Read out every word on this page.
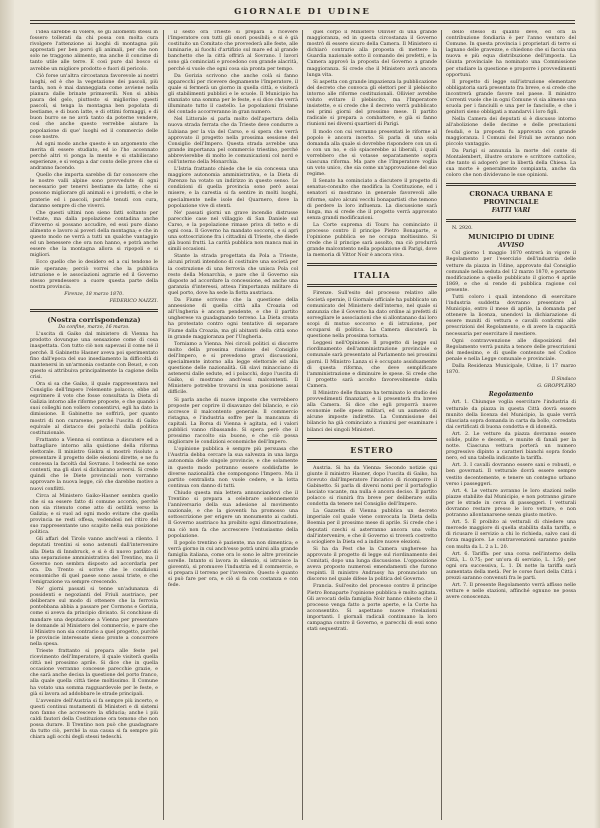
GIORNALE DI UDINE

l'idea sarebbe di volere, se gli allomenti stessi in fossero tollerati da chi possa con molta cura rivolgere l'attenzione ai luoghi di montagna più apprestati per ben porvi gli animali, per che non solo ne traggono alimento, ma anche il concime di tanto utile alle terre. E così pure dal bosco si avrebbe un migliore prodotto e fuori di pericolo.

Ciò forse un'altra circostanza favorevole ai nostri luoghi, ed è che la vegetazione dei pascoli, più tarda, non è mai danneggiata come avviene nella pianura dalle brinate primaverili. Non si abbia paura del gelo, piuttosto si migliorino questi pascoli, si tenga la montagna ben popolata di bestiame, e di buon latte, e di ottimi formaggi, e di buon burro se ne avrà tanto da poterne vendere, così che anche questo verrebbe aiutare la popolazione di que' luoghi ed il commercio delle cose nostre.

Ad ogni modo anche questo è un argomento che merita di essere studiato, ed io l'ho accennato perché altri vi ponga la mente e si stabiliscano esperienze, e si venga a dar conto delle prove che si andranno facendo.

Quello che importa sarebbe di far conoscere che le nostre valli alpine sono provvedute di ogni necessario per tenervi bestiame da latte; che si possono migliorare gli animali e i prodotti, e che le praterie ed i pascoli, purché tenuti con cura, daranno sempre di che viverci.

Che questi ultimi non sieno fatti soltanto per l'estate, ma dalla popolazione contadina anche d'inverno si possano accudire, ed essi pure diano alimento e lavoro ai poveri della montagna; e che in questo modo ne verrà a tutti un qualche vantaggio ed un benessere che ora non hanno, e potrà anche essere che la montagna allora si ripopoli e si migliori.

Ecco quello che io desidero ed a cui tendono le mie speranze; perciò vorrei che la pubblica istruzione e le associazioni agrarie ed il Governo stesso prendessero a cuore questa parte della nostra provincia.

Firenze, 18 marzo 1870.

FEDERICO NAIZZI.

(Nostra corrispondenza)

Da confine, marzo, 16 marzo.

L'uscita di Gaiko dal ministero di Vienna ha prodotto dovunque una sensazione come di cosa inaspettata. Con tutto ciò non sapevasi il come né il perché. Il Gabinetto Hasner aveva poi sperimentato fino dall'epoca del suo insediamento la difficoltà di mantenersi in un'armonia costante con Beust, e con questo si attribuiva principalmente la cagione della crisi.

Ora si sa che Gaiko, il quale rappresentava nel Consiglio dell'Impero l'elemento polacco, ebbe ad esprimere il voto che fosse consultata la Dieta di Galizia intorno alle riforme proposte, e che quando i suoi colleghi non vollero consentirvi, egli ha dato la dimissione. Il Gabinetto ne soffrirà, per quanto mostri di non curarsene, perché l'uscita di Gaiko equivale al distacco dei polacchi dalla politica costituzionale.

Frattanto a Vienna si continua a discutere ed a battagliare intorno alla quistione della riforma elettorale. Il ministro Giskra si mostrò risoluto a presentare il progetto delle elezioni dirette, e ne fu concessa la facoltà dal Sovrano. I tedeschi ne sono contenti, ma gli slavi si dichiarano avversi. Si crede quindi che le Diete provinciali non vorranno approvare la nuova legge, ciò che darebbe motivo a nuovi conflitti.

Circa al Ministero Gaiko-Hasner sembra quello che si sa essere fatto di comune accordo, perché non sia ritenuto come atto di ostilità verso la Galizia; e si vuol ad ogni modo evitare che quella provincia ne resti offesa, vedendosi nel ritiro del suo rappresentante uno scapito nella sua posizione politica.

Gli affari del Tirolo vanno anch'essi a rilento. I deputati trentini si sono astenuti dall'intervenire alla Dieta di Innsbruck, e si è di nuovo parlato di una separazione amministrativa del Trentino, ma il Governo non sembra disposto ad accordarla per ora. Da Trento si scrive che le condizioni economiche di quel paese sono assai triste, e che l'emigrazione va sempre crescendo.

Ne' giorni passati si tenne un'adunanza di possidenti e negozianti del Friuli austriaco, per deliberare sul modo di ottenere che la ferrovia pontebbana abbia a passare per Cormons e Gorizia, come si aveva da principio divisato. Si conchiuse di mandare una deputazione a Vienna per presentare le domande al Ministero del commercio, e pare che il Ministro non sia contrario a quel progetto, purché le provincie interessate sieno pronte a concorrere nella spesa.

Trieste frattanto si prepara alle feste pel ricevimento dell'Imperatore, il quale visiterà quella città nel prossimo aprile. Si dice che in quella occasione verranno concesse parecchie grazie, e che sarà anche decisa la questione del porto franco, alla quale quella città tiene moltissimo. Il Comune ha votato una somma ragguardevole per le feste, e già si lavora ad addobbare le strade principali.

L'avvenire dell'Austria si fa sempre più incerto, e questi continui mutamenti di Ministeri e di sistemi non fanno che accrescere la sfiducia; anche i più caldi fautori della Costituzione ora temono che non possa durare. Il Trentino non può che guadagnare da tutto ciò, perché la sua causa si fa sempre più chiara agli occhi degli stessi tedeschi.

il sesto ora Trieste si prepara a ricevere l'Imperatore con tutti gli onori possibili; e si è già costituito un Comitato che provvederà alle feste, alle luminarie, ai fuochi d'artifizio sul mare ed al grande banchetto che la città offrirà al Sovrano. I lavori sono già cominciati e procedono con grande alacrità, perché si vuole che ogni cosa sia pronta per tempo.

Da Gorizia scrivono che anche colà si fanno apparecchi per ricevere degnamente l'Imperatore, il quale si fermerà un giorno in quella città, e visiterà gli stabilimenti pubblici e le scuole. Il Municipio ha stanziato una somma per le feste, e si dice che verrà illuminato tutto il castello. Le popolazioni friulane del contado accorreranno in gran numero.

Nel Littorale si parla molto dell'apertura della nuova strada ferrata che da Trieste deve condurre a Lubiana per la via del Carso, e si spera che verrà approvato il progetto nella prossima sessione del Consiglio dell'Impero. Questa strada avrebbe una grande importanza pel commercio triestino, perché abbrevierebbe di molto le comunicazioni col nord e coll'interno della Monarchia.

L'Istria frattanto chiede che le sia concessa una maggiore autonomia amministrativa, e la Dieta di Parenzo ha votato un indirizzo in questo senso. Le condizioni di quella provincia sono però assai misere, e la carestia si fa sentire in molti luoghi, specialmente nelle isole del Quarnero, dove la popolazione vive di stenti.

Ne' passati giorni un grave incendio distrusse parecchie case nel villaggio di San Daniele sul Carso, e la popolazione rimase priva di tetto e di ogni cosa. Il Governo ha mandato soccorsi, e si aprì una sottoscrizione fra i cittadini di Trieste, che diede già buoni frutti. La carità pubblica non manca mai in simili occasioni.

Stante la strada progettata da Pola a Trieste, alcuni privati intendono di costituire una società per la costruzione di una ferrovia che unisca Pola col resto della Monarchia, e pare che il Governo sia disposto ad accordare la concessione, ed anche una garanzia d'interessi, attesa l'importanza militare di quel porto, dove ha sede la flotta austriaca.

Da Fiume scrivono che la questione della annessione di quella città alla Croazia od all'Ungheria è ancora pendente, e che il partito ungherese va guadagnando terreno. La Dieta croata ha protestato contro ogni tentativo di separare Fiume dalla Croazia, ma gli abitanti della città sono in grande maggioranza per l'Ungheria.

Torniamo a Vienna. Nei circoli politici si discorre molto della prossima riunione del Consiglio dell'Impero, e si prevedono gravi discussioni, specialmente intorno alla legge elettorale ed alla questione delle nazionalità. Gli slavi minacciano di astenersi dalle sedute, ed i polacchi, dopo l'uscita di Gaiko, si mostrano anch'essi malcontenti. Il Ministero potrebbe trovarsi in una posizione assai difficile.

Si parla anche di nuove imposte che verrebbero proposte per coprire il disavanzo del bilancio, e ciò accresce il malcontento generale. Il commercio ristagna, e l'industria soffre per la mancanza di capitali. La Borsa di Vienna è agitata, ed i valori pubblici vanno ribassando. Si spera però che il prossimo raccolto sia buono, e che ciò possa migliorare le condizioni economiche dell'Impero.

L'opinione pubblica è sempre più persuasa che l'Austria debba cercare la sua salvezza in una larga autonomia delle singole provincie, e che solamente in questo modo potranno essere soddisfatte le diverse nazionalità che compongono l'Impero. Ma il partito centralista non vuole cedere, e la lotta continua con danno di tutti.

Chiudo questa mia lettera annunciandovi che il Trentino si prepara a celebrare solennemente l'anniversario della sua adesione al movimento nazionale, e che la gioventù ha promosso una sottoscrizione per erigere un monumento ai caduti. Il Governo austriaco ha proibito ogni dimostrazione, ma ciò non fa che accrescere l'entusiasmo della popolazione.

Il popolo trentino è paziente, ma non dimentica; e verrà giorno in cui anch'esso potrà unirsi alla grande famiglia italiana, come ora lo sono le altre provincie sorelle. Intanto si lavora in silenzio, si istruisce la gioventù, si promuove l'industria ed il commercio, e si prepara il terreno per l'avvenire. Questo è quanto si può fare per ora, e ciò si fa con costanza e con fede.

quel corpo il Ministero Ollivier di una grande maggioranza, ed in questa circostanza il Governo mostrò di essere sicuro della Camera. Il Ministero si dichiarò contrario alla proposta di mettere la Guardia nazionale sotto il comando dei prefetti, e la Camera approvò la proposta del Governo a grande maggioranza. Si crede che il Ministero avrà ancora lunga vita.

Si aspetta con grande impazienza la pubblicazione del decreto che convoca gli elettori per il plebiscito intorno alle riforme costituzionali. Ollivier avrebbe voluto evitare il plebiscito, ma l'Imperatore insistette, e si crede che il decreto verrà pubblicato nei primi giorni del prossimo mese. Il partito radicale si prepara a combattere, e già si fanno riunioni nei diversi quartieri di Parigi.

Il modo con cui verranno presentati le riforme al popolo è ancora incerto. Si parla di una sola domanda alla quale si dovrebbe rispondere con un sì o con un no, e ciò spiacerebbe ai liberali, i quali vorrebbero che si votasse separatamente sopra ciascuna riforma. Ma pare che l'Imperatore voglia un voto unico, che sia come un'approvazione del suo regime.

Il Senato ha cominciato a discutere il progetto di senatus-consulto che modifica la Costituzione, ed i senatori si mostrano in generale favorevoli alle riforme, salvo alcuni vecchi bonapartisti che temono di perdere la loro influenza. La discussione sarà lunga, ma si crede che il progetto verrà approvato senza grandi modificazioni.

La Corte suprema di Tours ha cominciato il processo contro il principe Pietro Bonaparte, e l'opinione pubblica se ne occupa moltissimo. Si crede che il principe sarà assolto, ma ciò produrrà grande malcontento nella popolazione di Parigi, dove la memoria di Vittor Noir è ancora viva.

ITALIA

Firenze. Sull'esito del processo relativo alle Società operaie, il Giornale ufficiale ha pubblicato un comunicato del Ministero dell'interno, nel quale si annunzia che il Governo ha dato ordine ai prefetti di sorvegliare le associazioni che si allontanano dai loro scopi di mutuo soccorso e di istruzione, per occuparsi di politica. La Camera discuterà la questione nella prossima tornata.

Leggesi nell'Opinione: Il progetto di legge sul riordinamento dell'amministrazione provinciale e comunale sarà presentato al Parlamento nei prossimi giorni. Il Ministro Lanza si è occupato assiduamente di questa riforma, che deve semplificare l'amministrazione e diminuire le spese. Si crede che il progetto sarà accolto favorevolmente dalla Camera.

Il Ministro delle finanze ha terminato lo studio dei provvedimenti finanziari, e li presenterà fra breve alla Camera. Si dice che egli proporrà nuove economie nelle spese militari, ed un aumento di alcune imposte indirette. La Commissione del bilancio ha già cominciato a riunirsi per esaminare i bilanci dei singoli Ministeri.

ESTERO

Austria. Si ha da Vienna: Secondo notizie qui giunte il ministro Hasner, dopo l'uscita di Gaiko, ha ricevuto dall'Imperatore l'incarico di ricomporre il Gabinetto. Si parla di diversi nomi per il portafoglio lasciato vacante, ma nulla è ancora deciso. Il partito polacco si riunirà fra breve per deliberare sulla condotta da tenere nel Consiglio dell'Impero.

La Gazzetta di Vienna pubblica un decreto imperiale col quale viene convocata la Dieta della Boemia per il prossimo mese di aprile. Si crede che i deputati czechi si asterranno ancora una volta dall'intervenire, e che il Governo si troverà costretto a sciogliere la Dieta ed a indire nuove elezioni.

Si ha da Pest che la Camera ungherese ha approvato il progetto di legge sul riordinamento dei Comitati, dopo una lunga discussione. L'opposizione aveva proposto numerosi emendamenti che furono respinti. Il ministro Andrassy ha pronunciato un discorso nel quale difese la politica del Governo.

Francia. Sull'esito del processo contro il principe Pietro Bonaparte l'opinione pubblica è molto agitata. Gli avvocati della famiglia Noir hanno chiesto che il processo venga fatto a porte aperte, e la Corte ha acconsentito. Si aspettano nuove rivelazioni importanti. I giornali radicali continuano la loro campagna contro il Governo, e parecchi di essi sono stati sequestrati.

dello stesso di quanto deve, ed ora la contribuzione fondiaria è per l'anno venturo del Comune. In questa provincia i proprietari di terre si lagnano delle gravezze, e chiedono che si faccia una nuova e più equa distribuzione dell'imposta. La Giunta provinciale ha nominato una Commissione per studiare la questione e proporre i provvedimenti opportuni.

Il progetto di legge sull'istruzione elementare obbligatoria sarà presentato fra breve, e si crede che incontrerà grande favore nel paese. Il ministro Correnti vuole che in ogni Comune vi sia almeno una scuola per i fanciulli e una per le fanciulle, e che i genitori sieno obbligati a mandarvi i loro figli.

Nella Camera dei deputati si è discusso intorno all'abolizione delle decime e delle prestazioni feudali, e la proposta fu approvata con grande maggioranza. I Comuni del Friuli ne avranno non piccolo vantaggio.

Da Parigi si annunzia la morte del conte di Montalembert, illustre oratore e scrittore cattolico, che tanto si adoperò per la libertà della Chiesa. La sua morte è generalmente compianta, anche da coloro che non dividevano le sue opinioni.

CRONACA URBANA E PROVINCIALE

FATTI VARI

N. 2920.

MUNICIPIO DI UDINE

AVVISO

Col giorno 1 maggio 1870 entrerà in vigore il Regolamento per l'esercizio dell'industria delle vetture da piazza in Udine, approvato dal Consiglio comunale nella seduta del 12 marzo 1870, e portante modificazione a quello pubblicato il giorno 4 aprile 1869, e che si rende di pubblica ragione col presente.

Tutti coloro i quali intendono di esercitare l'industria suddetta dovranno presentare al Municipio, entro il mese di aprile, la domanda per ottenere la licenza, unendovi la dichiarazione di essere muniti di vettura e cavalli conformi alle prescrizioni del Regolamento, e di avere la capacità necessaria per esercitare il mestiere.

Ogni contravvenzione alle disposizioni del Regolamento verrà punita a tenore delle prescrizioni del medesimo, e di quelle contenute nel Codice penale e nella Legge comunale e provinciale.

Dalla Residenza Municipale, Udine, li 17 marzo 1870.

Il Sindaco

G. GROPPLERO

Regolamento

Art. 1. Chiunque voglia esercitare l'industria di vetturale da piazza in questa Città dovrà essere munito della licenza del Municipio, la quale verrà rilasciata sopra domanda in carta da bollo, corredata dai certificati di buona condotta e di idoneità.

Art. 2. Le vetture da piazza dovranno essere solide, pulite e decenti, e munite di fanali per la notte. Ciascuna vettura porterà un numero progressivo dipinto a caratteri bianchi sopra fondo nero, ed una tabella indicante la tariffa.

Art. 3. I cavalli dovranno essere sani e robusti, e ben governati. Il vetturale dovrà essere sempre vestito decentemente, e tenere un contegno urbano verso i passeggeri.

Art. 4. Le vetture avranno le loro stazioni nelle piazze stabilite dal Municipio, e non potranno girare per le strade in cerca di passeggeri. I vetturali dovranno restare presso le loro vetture, e non potranno allontanarsene senza giusto motivo.

Art. 5. È proibito ai vetturali di chiedere una mercede maggiore di quella stabilita dalla tariffa, e di ricusare il servizio a chi lo richieda, salvo casi di forza maggiore. Le contravvenzioni saranno punite con multa da L. 2 a L. 20.

Art. 6. Tariffa: per una corsa nell'interno della Città, L. 0.75; per un'ora di servizio, L. 1.50; per ogni ora successiva, L. 1. Di notte la tariffa sarà aumentata della metà. Per le corse fuori della Città i prezzi saranno convenuti fra le parti.

Art. 7. Il presente Regolamento verrà affisso nelle vetture e nelle stazioni, affinché ognuno ne possa avere conoscenza.
